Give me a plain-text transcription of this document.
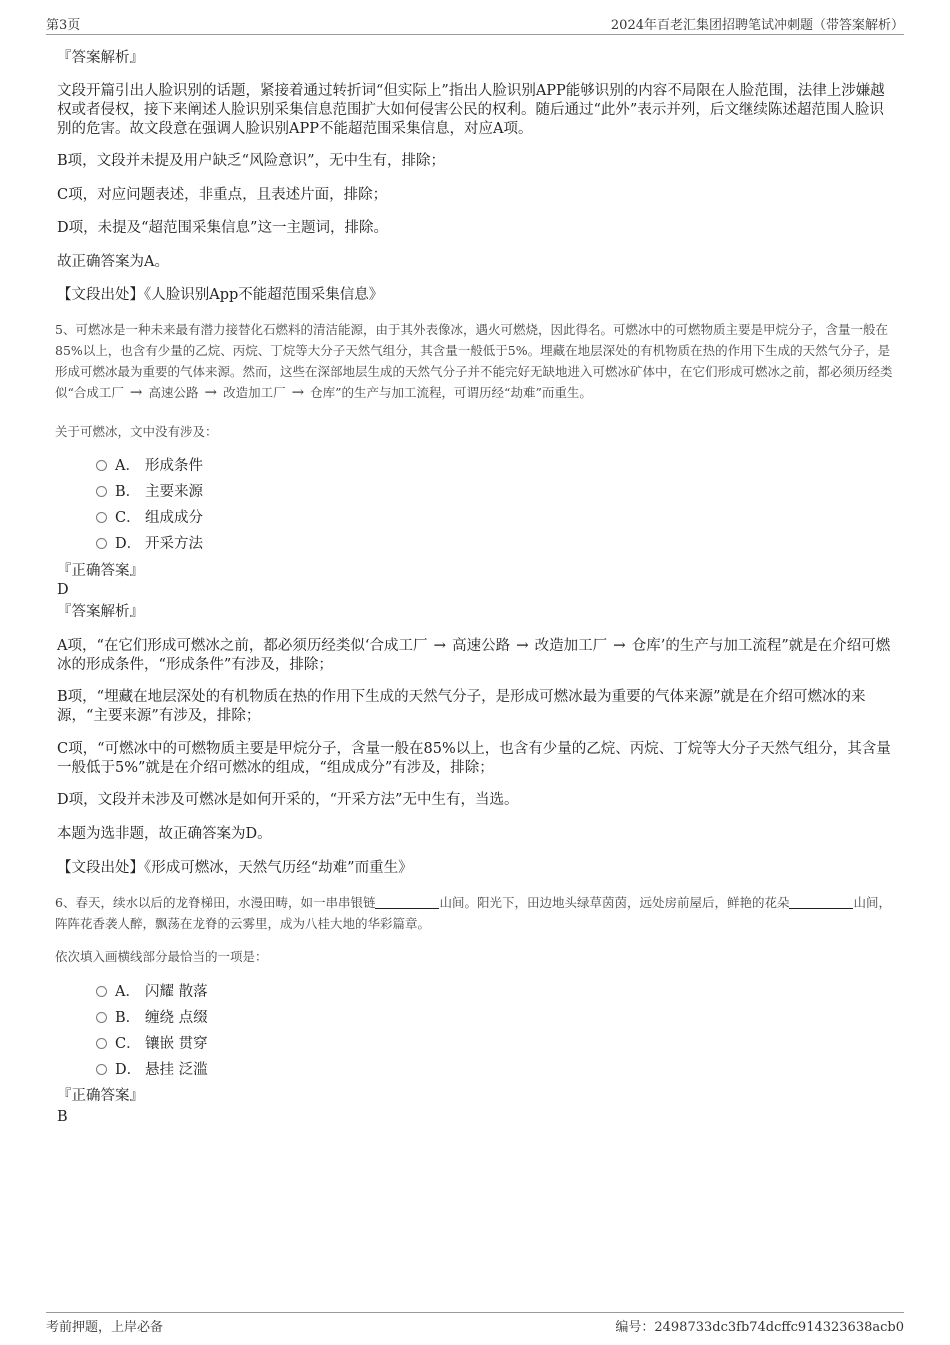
第3页	2024年百老汇集团招聘笔试冲刺题（带答案解析）
『答案解析』
文段开篇引出人脸识别的话题，紧接着通过转折词“但实际上”指出人脸识别APP能够识别的内容不局限在人脸范围，法律上涉嫌越权或者侵权，接下来阐述人脸识别采集信息范围扩大如何侵害公民的权利。随后通过“此外”表示并列，后文继续陈述超范围人脸识别的危害。故文段意在强调人脸识别APP不能超范围采集信息，对应A项。
B项，文段并未提及用户缺乏“风险意识”，无中生有，排除；
C项，对应问题表述，非重点，且表述片面，排除；
D项，未提及“超范围采集信息”这一主题词，排除。
故正确答案为A。
【文段出处】《人脸识别App不能超范围采集信息》
5、可燃冰是一种未来最有潜力接替化石燃料的清洁能源，由于其外表像冰，遇火可燃烧，因此得名。可燃冰中的可燃物质主要是甲烷分子，含量一般在85%以上，也含有少量的乙烷、丙烷、丁烷等大分子天然气组分，其含量一般低于5%。埋藏在地层深处的有机物质在热的作用下生成的天然气分子，是形成可燃冰最为重要的气体来源。然而，这些在深部地层生成的天然气分子并不能完好无缺地进入可燃冰矿体中，在它们形成可燃冰之前，都必须历经类似“合成工厂 → 高速公路 → 改造加工厂 → 仓库”的生产与加工流程，可谓历经“劫难”而重生。
关于可燃冰，文中没有涉及：
A． 形成条件
B． 主要来源
C． 组成成分
D． 开采方法
『正确答案』
D
『答案解析』
A项，“在它们形成可燃冰之前，都必须历经类似‘合成工厂 → 高速公路 → 改造加工厂 → 仓库’的生产与加工流程”就是在介绍可燃冰的形成条件，“形成条件”有涉及，排除；
B项，“埋藏在地层深处的有机物质在热的作用下生成的天然气分子，是形成可燃冰最为重要的气体来源”就是在介绍可燃冰的来源，“主要来源”有涉及，排除；
C项，“可燃冰中的可燃物质主要是甲烷分子，含量一般在85%以上，也含有少量的乙烷、丙烷、丁烷等大分子天然气组分，其含量一般低于5%”就是在介绍可燃冰的组成，“组成成分”有涉及，排除；
D项，文段并未涉及可燃冰是如何开采的，“开采方法”无中生有，当选。
本题为选非题，故正确答案为D。
【文段出处】《形成可燃冰，天然气历经“劫难”而重生》
6、春天，续水以后的龙脊梯田，水漫田畴，如一串串银链	山间。阳光下，田边地头绿草茵茵，远处房前屋后，鲜艳的花朵	山间，阵阵花香袭人醉，飘荡在龙脊的云雾里，成为八桂大地的华彩篇章。
依次填入画横线部分最恰当的一项是：
A． 闪耀 散落
B． 缠绕 点缀
C． 镶嵌 贯穿
D． 悬挂 泛滥
『正确答案』
B
考前押题，上岸必备	编号：2498733dc3fb74dcffc914323638acb0
